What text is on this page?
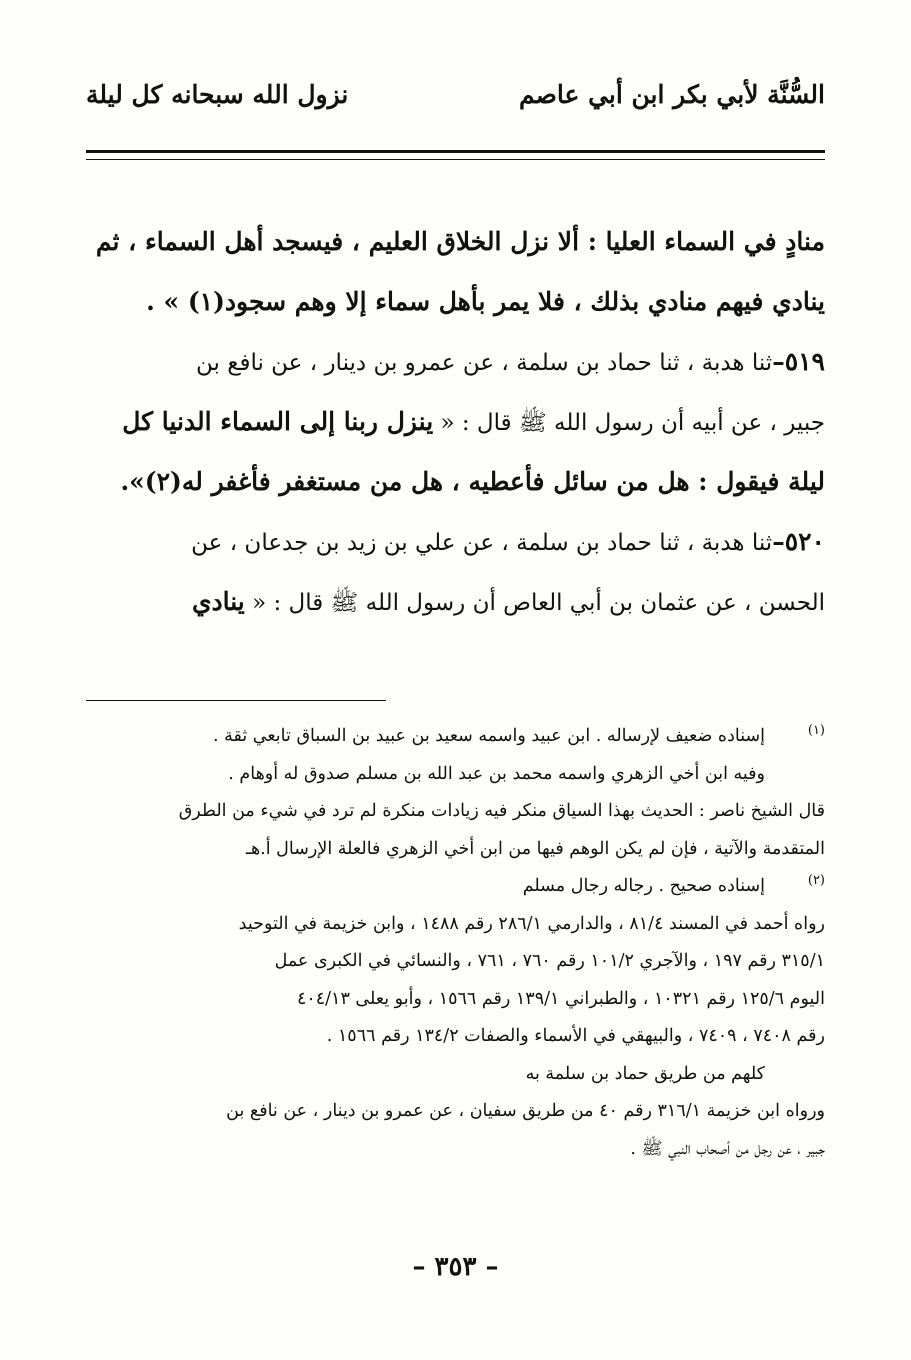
السُّنَّة لأبي بكر ابن أبي عاصم
نزول الله سبحانه كل ليلة
منادٍ في السماء العليا : ألا نزل الخلاق العليم ، فيسجد أهل السماء ، ثم
ينادي فيهم منادي بذلك ، فلا يمر بأهل سماء إلا وهم سجود(١) » .
٥١٩–ثنا هدبة ، ثنا حماد بن سلمة ، عن عمرو بن دينار ، عن نافع بن
جبير ، عن أبيه أن رسول الله ﷺ قال : « ينزل ربنا إلى السماء الدنيا كل
ليلة فيقول : هل من سائل فأعطيه ، هل من مستغفر فأغفر له(٢)».
٥٢٠–ثنا هدبة ، ثنا حماد بن سلمة ، عن علي بن زيد بن جدعان ، عن
الحسن ، عن عثمان بن أبي العاص أن رسول الله ﷺ قال : « ينادي
(١)
إسناده ضعيف لإرساله . ابن عبيد واسمه سعيد بن عبيد بن السباق تابعي ثقة .
وفيه ابن أخي الزهري واسمه محمد بن عبد الله بن مسلم صدوق له أوهام .
قال الشيخ ناصر : الحديث بهذا السياق منكر فيه زيادات منكرة لم ترد في شيء من الطرق
المتقدمة والآتية ، فإن لم يكن الوهم فيها من ابن أخي الزهري فالعلة الإرسال أ.هـ
(٢)
إسناده صحيح . رجاله رجال مسلم
رواه أحمد في المسند ٨١/٤ ، والدارمي ٢٨٦/١ رقم ١٤٨٨ ، وابن خزيمة في التوحيد
٣١٥/١ رقم ١٩٧ ، والآجري ١٠١/٢ رقم ٧٦٠ ، ٧٦١ ، والنسائي في الكبرى عمل
اليوم ١٢٥/٦ رقم ١٠٣٢١ ، والطبراني ١٣٩/١ رقم ١٥٦٦ ، وأبو يعلى ٤٠٤/١٣
رقم ٧٤٠٨ ، ٧٤٠٩ ، والبيهقي في الأسماء والصفات ١٣٤/٢ رقم ١٥٦٦ .
كلهم من طريق حماد بن سلمة به
ورواه ابن خزيمة ٣١٦/١ رقم ٤٠ من طريق سفيان ، عن عمرو بن دينار ، عن نافع بن
جبير ، عن رجل من أصحاب النبي ﷺ .
– ٣٥٣ –
